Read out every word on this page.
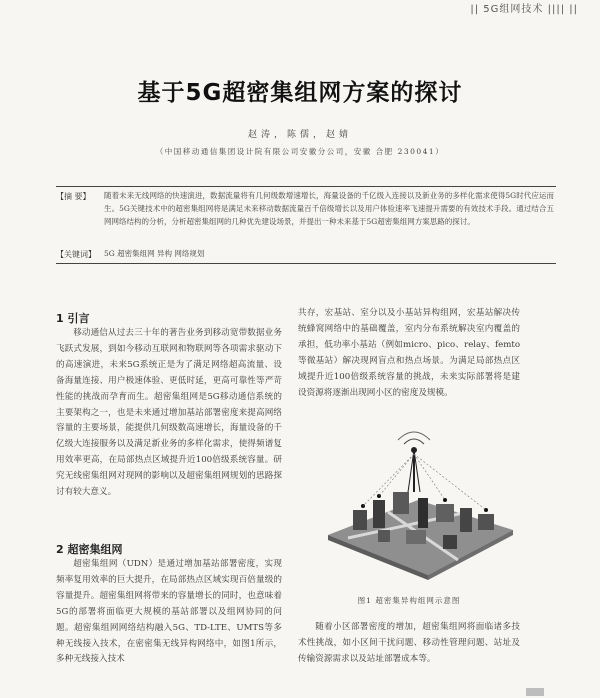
|| 5G组网技术 |||| ||
基于5G超密集组网方案的探讨
赵涛，陈儒，赵婧
（中国移动通信集团设计院有限公司安徽分公司，安徽 合肥 230041）
【摘 要】 随着未来无线网络的快速演进，数据流量将有几何级数增速增长，海量设备的千亿级入连接以及新业务的多样化需求使得5G时代应运而生。5G关键技术中的超密集组网将是满足未来移动数据流量百千倍级增长以及用户体验速率飞速提升需要的有效技术手段。通过结合五网网络结构的分析，分析超密集组网的几种优先建设场景，并提出一种未来基于5G超密集组网方案思路的探讨。
【关键词】 5G 超密集组网 异构 网络规划
1 引言
移动通信从过去三十年的著告业务到移动宽带数据业务飞跃式发展，到如今移动互联网和物联网等各项需求驱动下的高速演进，未来5G系统正是为了满足网络超高流量、设备海量连接、用户极速体验、更低时延，更高可靠性等严苛性能的挑战而孕育而生。超密集组网是5G移动通信系统的主要架构之一，也是未来通过增加基站部署密度来提高网络容量的主要场景，能提供几何级数高速增长，海量设备的千亿级大连接服务以及满足新业务的多样化需求，使得频谱复用效率更高，在局部热点区域提升近100倍级系统容量。研究无线密集组网对现网的影响以及超密集组网规划的思路探讨有较大意义。
2 超密集组网
超密集组网（UDN）是通过增加基站部署密度，实现频率复用效率的巨大提升，在局部热点区域实现百倍量级的容量提升。超密集组网将带来的容量增长的同时，也意味着5G的部署将面临更大规模的基站部署以及组网协同的问题。超密集组网网络结构融入5G、TD-LTE、UMTS等多种无线接入技术，在密密集无线异构网络中，如图1所示，多种无线接入技术
共存，宏基站、室分以及小基站异构组网，宏基站解决传统蜂窝网络中的基础覆盖，室内分布系统解决室内覆盖的承担，低功率小基站（例如micro、pico、relay、femto等微基站）解决现网盲点和热点场景。为满足局部热点区域提升近100倍级系统容量的挑战，未来实际部署将是建设资源将逐渐出现网小区的密度及规模。
图1 超密集异构组网示意图
随着小区部署密度的增加，超密集组网将面临诸多技术性挑战，如小区间干扰问题、移动性管理问题、站址及传输资源需求以及站址部署成本等。
